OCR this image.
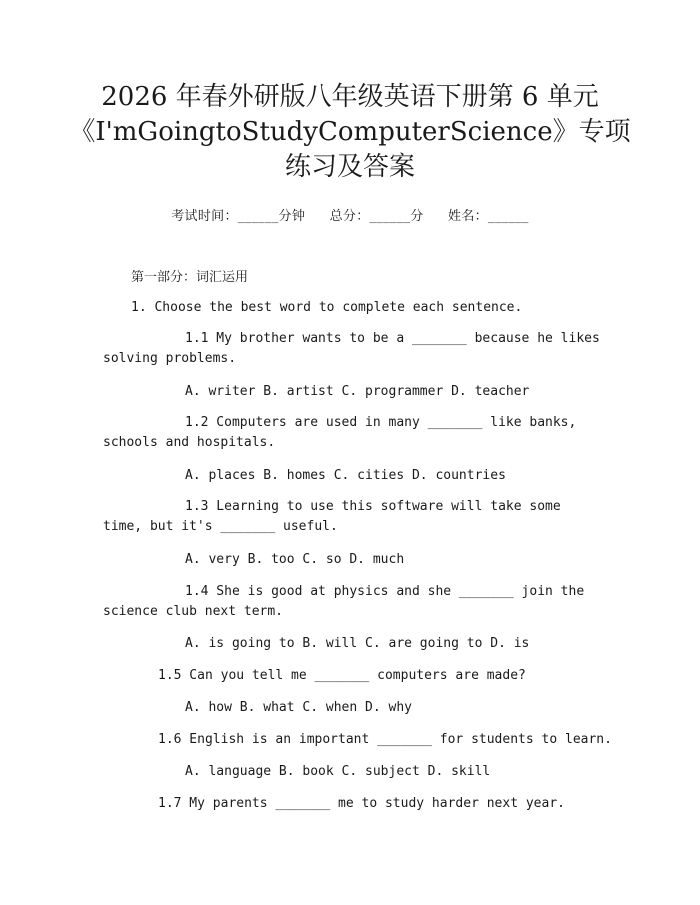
2026 年春外研版八年级英语下册第 6 单元
《I'mGoingtoStudyComputerScience》专项
练习及答案
考试时间：______分钟 总分：______分 姓名：______
第一部分：词汇运用
1. Choose the best word to complete each sentence.
1.1 My brother wants to be a _______ because he likes solving problems.
A. writer B. artist C. programmer D. teacher
1.2 Computers are used in many _______ like banks, schools and hospitals.
A. places B. homes C. cities D. countries
1.3 Learning to use this software will take some time, but it's _______ useful.
A. very B. too C. so D. much
1.4 She is good at physics and she _______ join the science club next term.
A. is going to B. will C. are going to D. is
1.5 Can you tell me _______ computers are made?
A. how B. what C. when D. why
1.6 English is an important _______ for students to learn.
A. language B. book C. subject D. skill
1.7 My parents _______ me to study harder next year.
